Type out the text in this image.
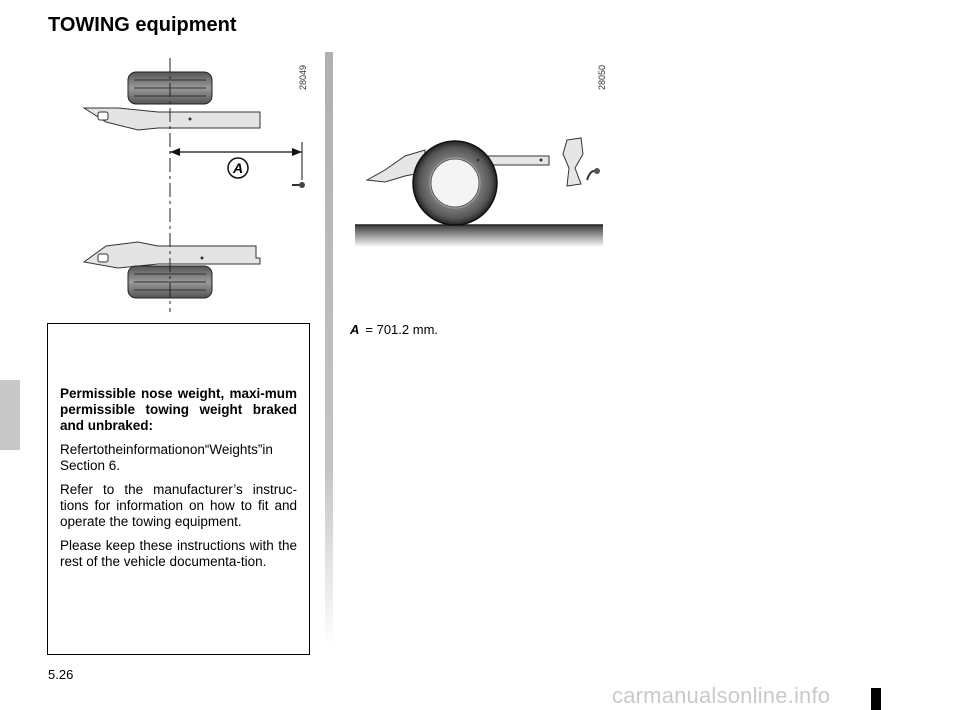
TOWING equipment
A
28049	28050
A = 701.2 mm.

Permissible nose weight, maxi-mum permissible towing weight braked and unbraked:

Refertotheinformationon“Weights”in Section 6.

Refer to the manufacturer’s instruc-tions for information on how to fit and operate the towing equipment.

Please keep these instructions with the rest of the vehicle documenta-tion.

5.26
carmanualsonline.info
